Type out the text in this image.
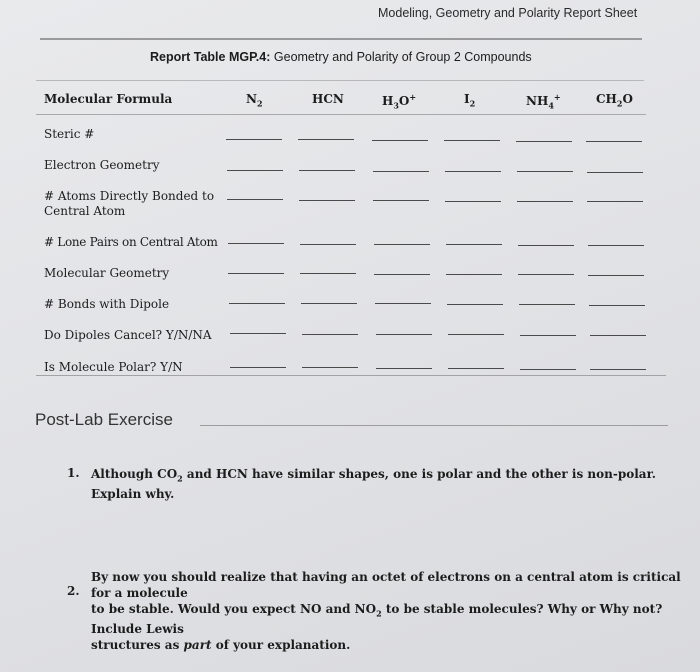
Modeling, Geometry and Polarity Report Sheet
Report Table MGP.4: Geometry and Polarity of Group 2 Compounds
Molecular Formula	$N_2$	HCN	$H_3O^+$	$I_2$	$NH_4^+$	$CH_2O$
Steric #
Electron Geometry
# Atoms Directly Bonded to
Central Atom
# Lone Pairs on Central Atom
Molecular Geometry
# Bonds with Dipole
Do Dipoles Cancel? Y/N/NA
Is Molecule Polar? Y/N
Post-Lab Exercise
1. Although $CO_2$ and HCN have similar shapes, one is polar and the other is non-polar. Explain why.
2.
By now you should realize that having an octet of electrons on a central atom is critical for a molecule
to be stable. Would you expect NO and $NO_2$ to be stable molecules? Why or Why not? Include Lewis
structures as part of your explanation.
